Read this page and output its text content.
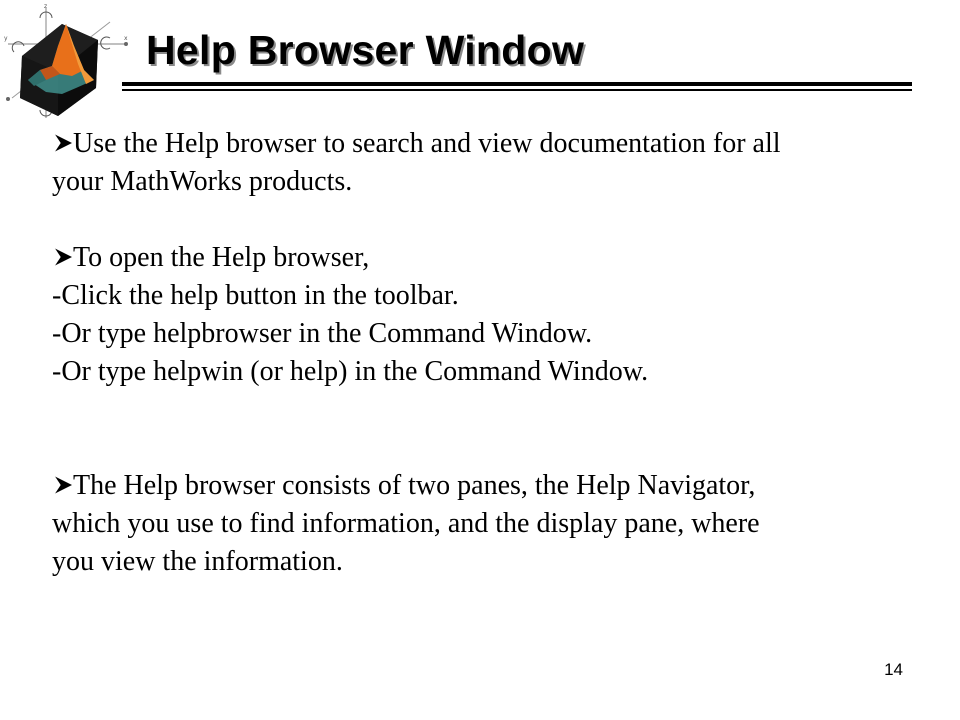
z
x
y	Help Browser Window

Use the Help browser to search and view documentation for all
your MathWorks products.

To open the Help browser,
-Click the help button in the toolbar.
-Or type helpbrowser in the Command Window.
-Or type helpwin (or help) in the Command Window.

The Help browser consists of two panes, the Help Navigator,
which you use to find information, and the display pane, where
you view the information.

14
